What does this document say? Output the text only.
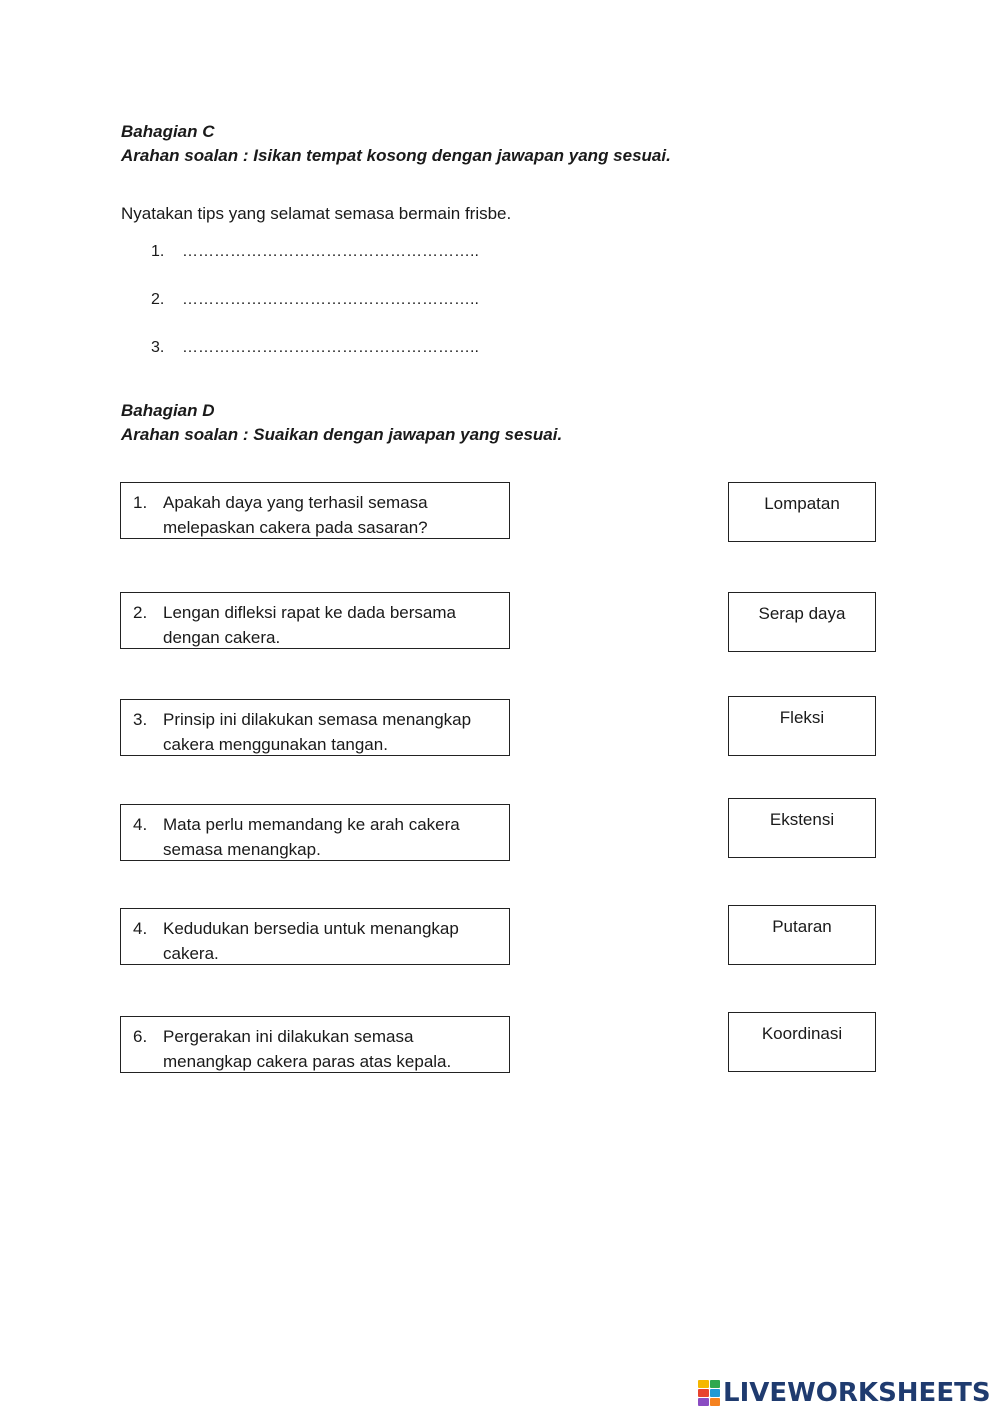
Bahagian C
Arahan soalan : Isikan tempat kosong dengan jawapan yang sesuai.
Nyatakan tips yang selamat semasa bermain frisbe.
1. ………………………………………………..
2. ………………………………………………..
3. ………………………………………………..
Bahagian D
Arahan soalan : Suaikan dengan jawapan yang sesuai.
1. Apakah daya yang terhasil semasa melepaskan cakera pada sasaran?
2. Lengan difleksi rapat ke dada bersama dengan cakera.
3. Prinsip ini dilakukan semasa menangkap cakera menggunakan tangan.
4. Mata perlu memandang ke arah cakera semasa menangkap.
4. Kedudukan bersedia untuk menangkap cakera.
6. Pergerakan ini dilakukan semasa menangkap cakera paras atas kepala.
Lompatan
Serap daya
Fleksi
Ekstensi
Putaran
Koordinasi
LIVEWORKSHEETS
